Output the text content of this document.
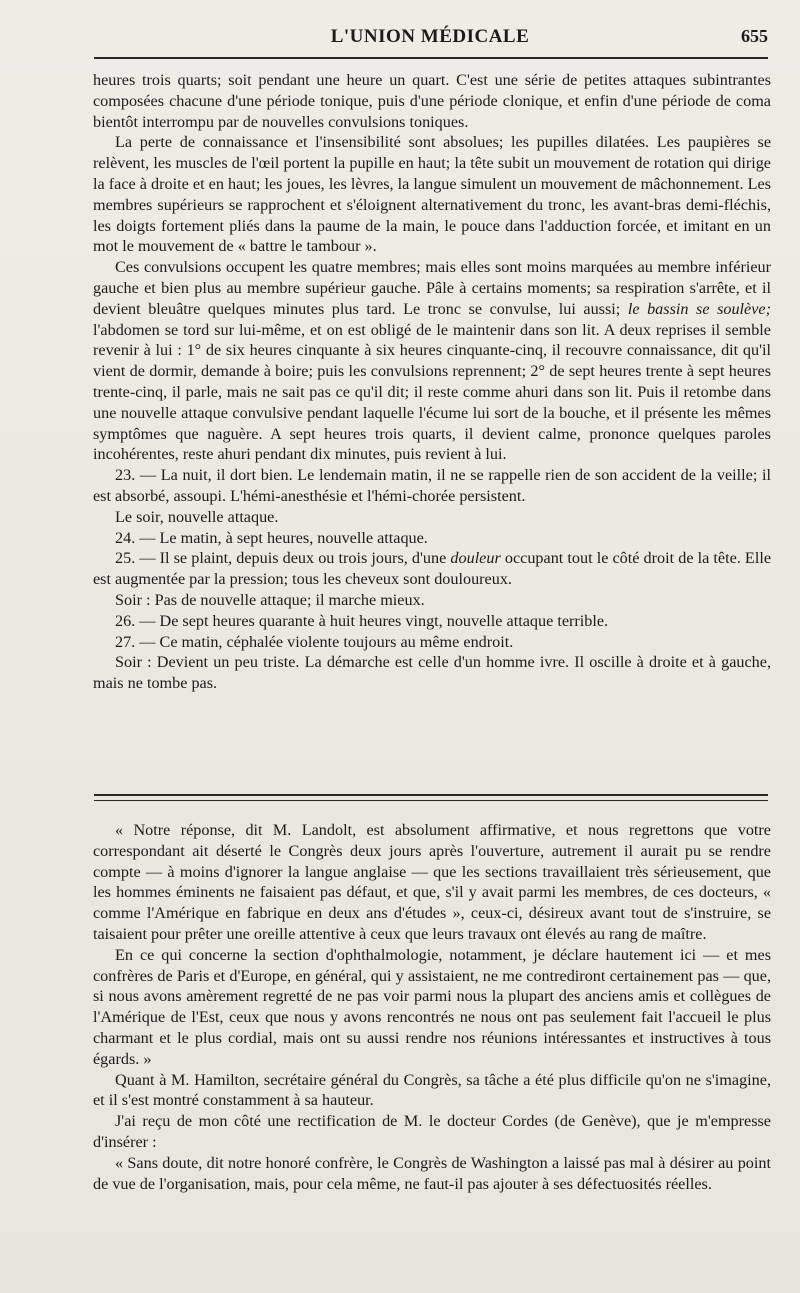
L'UNION MÉDICALE	655

heures trois quarts; soit pendant une heure un quart. C'est une série de petites attaques subintrantes composées chacune d'une période tonique, puis d'une période clonique, et enfin d'une période de coma bientôt interrompu par de nouvelles convulsions toniques.

La perte de connaissance et l'insensibilité sont absolues; les pupilles dilatées. Les paupières se relèvent, les muscles de l'œil portent la pupille en haut; la tête subit un mouvement de rotation qui dirige la face à droite et en haut; les joues, les lèvres, la langue simulent un mouvement de mâchonnement. Les membres supérieurs se rapprochent et s'éloignent alternativement du tronc, les avant-bras demi-fléchis, les doigts fortement pliés dans la paume de la main, le pouce dans l'adduction forcée, et imitant en un mot le mouvement de « battre le tambour ».

Ces convulsions occupent les quatre membres; mais elles sont moins marquées au membre inférieur gauche et bien plus au membre supérieur gauche. Pâle à certains moments; sa respiration s'arrête, et il devient bleuâtre quelques minutes plus tard. Le tronc se convulse, lui aussi; le bassin se soulève; l'abdomen se tord sur lui-même, et on est obligé de le maintenir dans son lit. A deux reprises il semble revenir à lui : 1° de six heures cinquante à six heures cinquante-cinq, il recouvre connaissance, dit qu'il vient de dormir, demande à boire; puis les convulsions reprennent; 2° de sept heures trente à sept heures trente-cinq, il parle, mais ne sait pas ce qu'il dit; il reste comme ahuri dans son lit. Puis il retombe dans une nouvelle attaque convulsive pendant laquelle l'écume lui sort de la bouche, et il présente les mêmes symptômes que naguère. A sept heures trois quarts, il devient calme, prononce quelques paroles incohérentes, reste ahuri pendant dix minutes, puis revient à lui.

23. — La nuit, il dort bien. Le lendemain matin, il ne se rappelle rien de son accident de la veille; il est absorbé, assoupi. L'hémi-anesthésie et l'hémi-chorée persistent.

Le soir, nouvelle attaque.

24. — Le matin, à sept heures, nouvelle attaque.

25. — Il se plaint, depuis deux ou trois jours, d'une douleur occupant tout le côté droit de la tête. Elle est augmentée par la pression; tous les cheveux sont douloureux.

Soir : Pas de nouvelle attaque; il marche mieux.

26. — De sept heures quarante à huit heures vingt, nouvelle attaque terrible.

27. — Ce matin, céphalée violente toujours au même endroit.

Soir : Devient un peu triste. La démarche est celle d'un homme ivre. Il oscille à droite et à gauche, mais ne tombe pas.

« Notre réponse, dit M. Landolt, est absolument affirmative, et nous regrettons que votre correspondant ait déserté le Congrès deux jours après l'ouverture, autrement il aurait pu se rendre compte — à moins d'ignorer la langue anglaise — que les sections travaillaient très sérieusement, que les hommes éminents ne faisaient pas défaut, et que, s'il y avait parmi les membres, de ces docteurs, « comme l'Amérique en fabrique en deux ans d'études », ceux-ci, désireux avant tout de s'instruire, se taisaient pour prêter une oreille attentive à ceux que leurs travaux ont élevés au rang de maître.

En ce qui concerne la section d'ophthalmologie, notamment, je déclare hautement ici — et mes confrères de Paris et d'Europe, en général, qui y assistaient, ne me contrediront certainement pas — que, si nous avons amèrement regretté de ne pas voir parmi nous la plupart des anciens amis et collègues de l'Amérique de l'Est, ceux que nous y avons rencontrés ne nous ont pas seulement fait l'accueil le plus charmant et le plus cordial, mais ont su aussi rendre nos réunions intéressantes et instructives à tous égards. »

Quant à M. Hamilton, secrétaire général du Congrès, sa tâche a été plus difficile qu'on ne s'imagine, et il s'est montré constamment à sa hauteur.

J'ai reçu de mon côté une rectification de M. le docteur Cordes (de Genève), que je m'empresse d'insérer :

« Sans doute, dit notre honoré confrère, le Congrès de Washington a laissé pas mal à désirer au point de vue de l'organisation, mais, pour cela même, ne faut-il pas ajouter à ses défectuosités réelles.
